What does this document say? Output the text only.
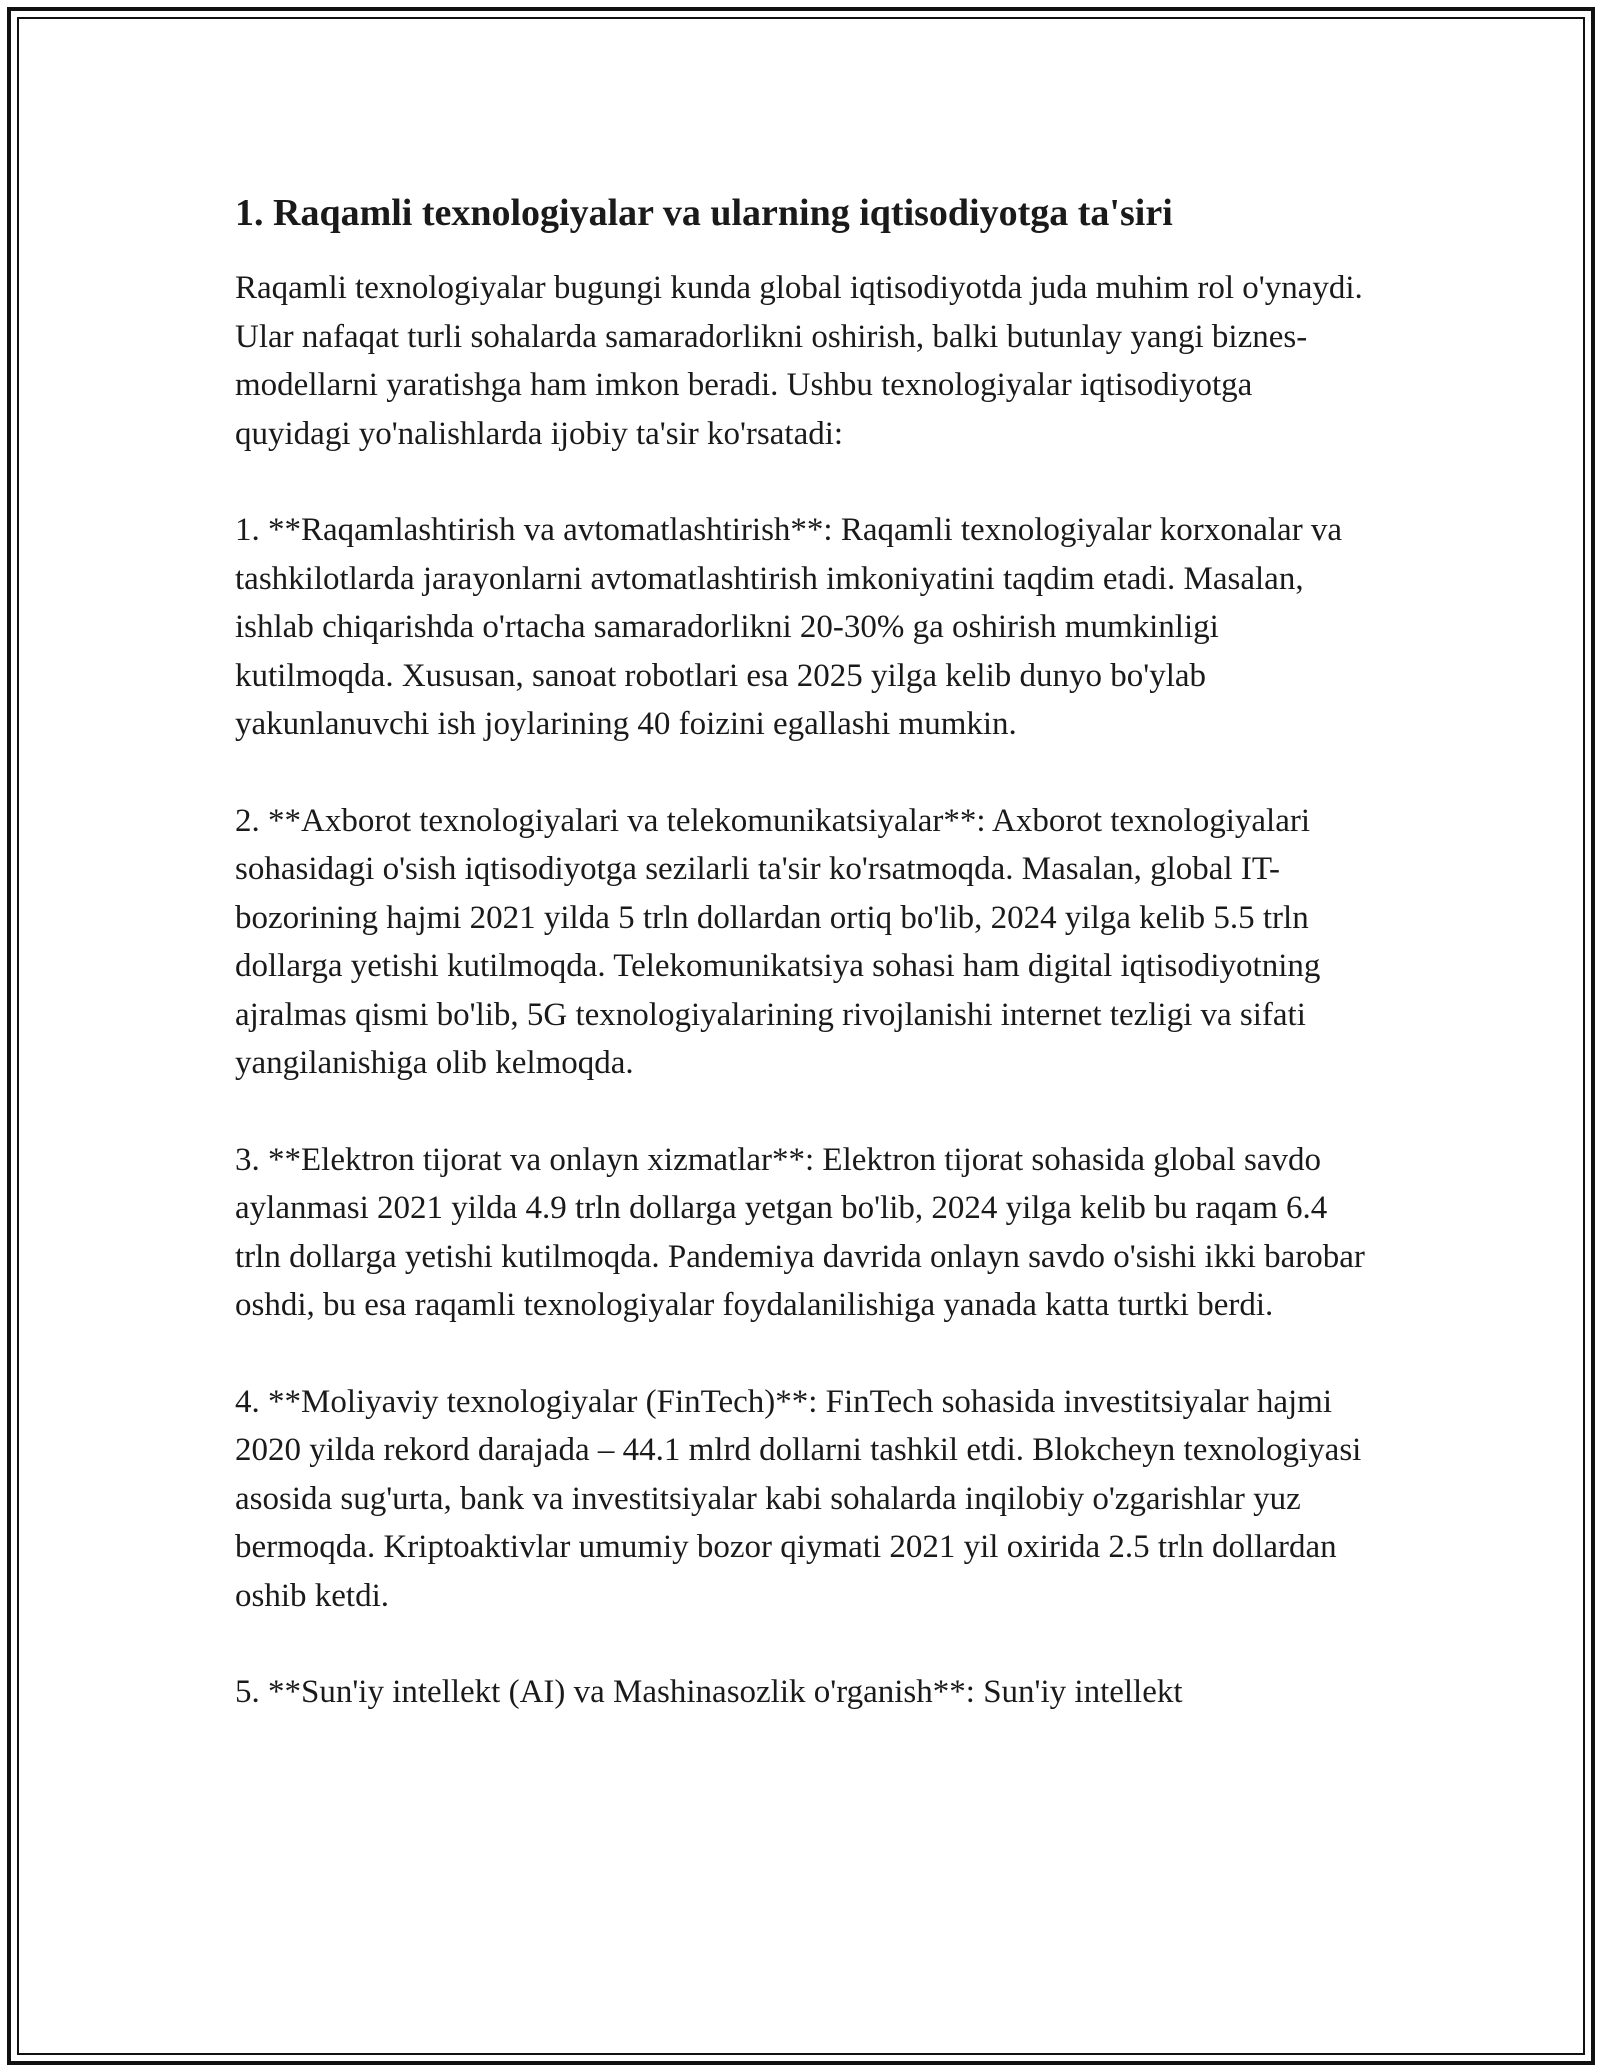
1. Raqamli texnologiyalar va ularning iqtisodiyotga ta'siri

Raqamli texnologiyalar bugungi kunda global iqtisodiyotda juda muhim rol o'ynaydi. Ular nafaqat turli sohalarda samaradorlikni oshirish, balki butunlay yangi biznes-modellarni yaratishga ham imkon beradi. Ushbu texnologiyalar iqtisodiyotga quyidagi yo'nalishlarda ijobiy ta'sir ko'rsatadi:

1. **Raqamlashtirish va avtomatlashtirish**: Raqamli texnologiyalar korxonalar va tashkilotlarda jarayonlarni avtomatlashtirish imkoniyatini taqdim etadi. Masalan, ishlab chiqarishda o'rtacha samaradorlikni 20-30% ga oshirish mumkinligi kutilmoqda. Xususan, sanoat robotlari esa 2025 yilga kelib dunyo bo'ylab yakunlanuvchi ish joylarining 40 foizini egallashi mumkin.

2. **Axborot texnologiyalari va telekomunikatsiyalar**: Axborot texnologiyalari sohasidagi o'sish iqtisodiyotga sezilarli ta'sir ko'rsatmoqda. Masalan, global IT-bozorining hajmi 2021 yilda 5 trln dollardan ortiq bo'lib, 2024 yilga kelib 5.5 trln dollarga yetishi kutilmoqda. Telekomunikatsiya sohasi ham digital iqtisodiyotning ajralmas qismi bo'lib, 5G texnologiyalarining rivojlanishi internet tezligi va sifati yangilanishiga olib kelmoqda.

3. **Elektron tijorat va onlayn xizmatlar**: Elektron tijorat sohasida global savdo aylanmasi 2021 yilda 4.9 trln dollarga yetgan bo'lib, 2024 yilga kelib bu raqam 6.4 trln dollarga yetishi kutilmoqda. Pandemiya davrida onlayn savdo o'sishi ikki barobar oshdi, bu esa raqamli texnologiyalar foydalanilishiga yanada katta turtki berdi.

4. **Moliyaviy texnologiyalar (FinTech)**: FinTech sohasida investitsiyalar hajmi 2020 yilda rekord darajada – 44.1 mlrd dollarni tashkil etdi. Blokcheyn texnologiyasi asosida sug'urta, bank va investitsiyalar kabi sohalarda inqilobiy o'zgarishlar yuz bermoqda. Kriptoaktivlar umumiy bozor qiymati 2021 yil oxirida 2.5 trln dollardan oshib ketdi.

5. **Sun'iy intellekt (AI) va Mashinasozlik o'rganish**: Sun'iy intellekt
